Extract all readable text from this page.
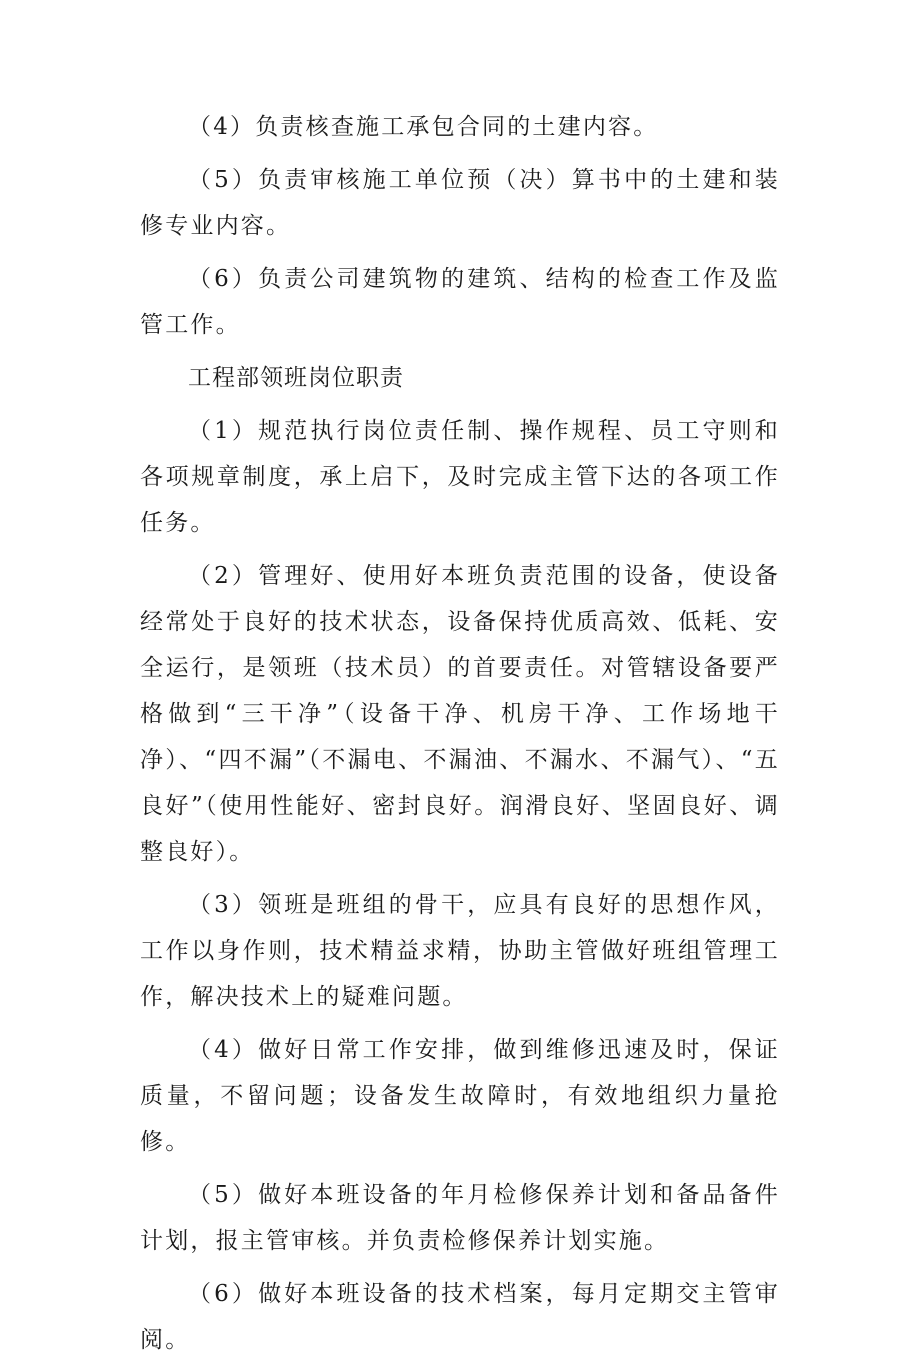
（4）负责核查施工承包合同的土建内容。

（5）负责审核施工单位预（决）算书中的土建和装修专业内容。

（6）负责公司建筑物的建筑、结构的检查工作及监管工作。

工程部领班岗位职责

（1）规范执行岗位责任制、操作规程、员工守则和各项规章制度，承上启下，及时完成主管下达的各项工作任务。

（2）管理好、使用好本班负责范围的设备，使设备经常处于良好的技术状态，设备保持优质高效、低耗、安全运行，是领班（技术员）的首要责任。对管辖设备要严格做到“三干净”（设备干净、机房干净、工作场地干净）、“四不漏”（不漏电、不漏油、不漏水、不漏气）、“五良好”（使用性能好、密封良好。润滑良好、坚固良好、调整良好）。

（3）领班是班组的骨干，应具有良好的思想作风，工作以身作则，技术精益求精，协助主管做好班组管理工作，解决技术上的疑难问题。

（4）做好日常工作安排，做到维修迅速及时，保证质量，不留问题；设备发生故障时，有效地组织力量抢修。

（5）做好本班设备的年月检修保养计划和备品备件计划，报主管审核。并负责检修保养计划实施。

（6）做好本班设备的技术档案，每月定期交主管审阅。
